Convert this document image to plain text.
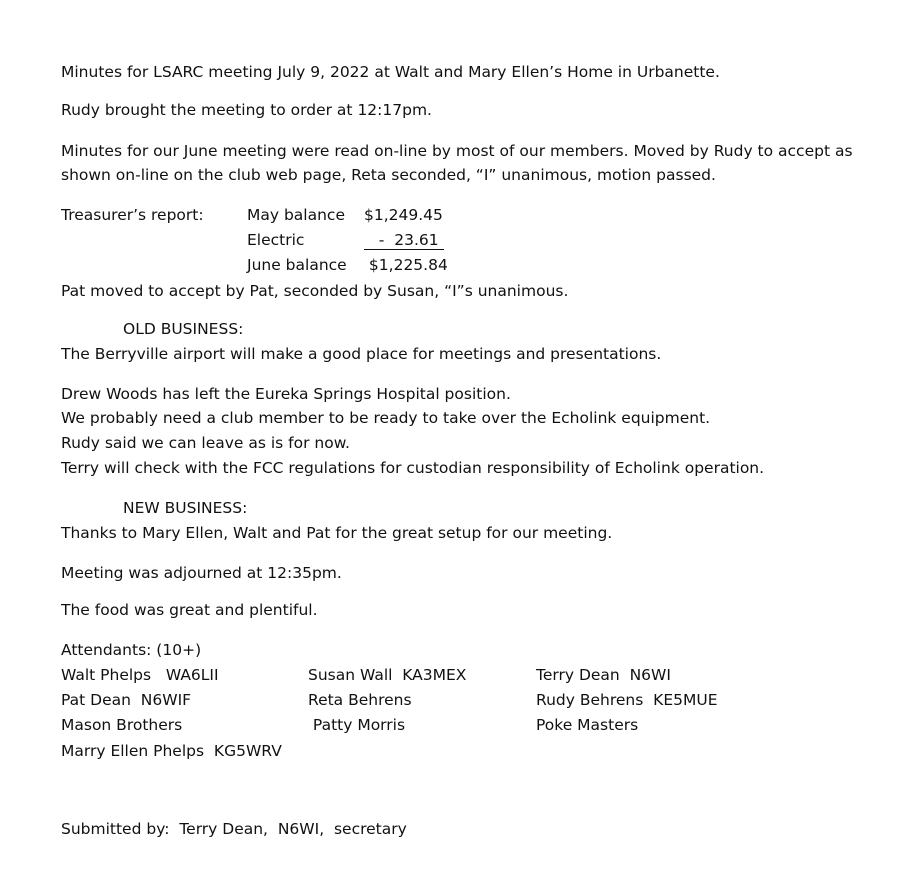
Minutes for LSARC meeting July 9, 2022 at Walt and Mary Ellen’s Home in Urbanette.
Rudy brought the meeting to order at 12:17pm.
Minutes for our June meeting were read on-line by most of our members. Moved by Rudy to accept as
shown on-line on the club web page, Reta seconded, “I” unanimous, motion passed.
Treasurer’s report:	May balance $1,249.45
Electric	-  23.61
June balance $1,225.84
Pat moved to accept by Pat, seconded by Susan, “I”s unanimous.
OLD BUSINESS:
The Berryville airport will make a good place for meetings and presentations.
Drew Woods has left the Eureka Springs Hospital position.
We probably need a club member to be ready to take over the Echolink equipment.
Rudy said we can leave as is for now.
Terry will check with the FCC regulations for custodian responsibility of Echolink operation.
NEW BUSINESS:
Thanks to Mary Ellen, Walt and Pat for the great setup for our meeting.
Meeting was adjourned at 12:35pm.
The food was great and plentiful.
Attendants: (10+)
Walt Phelps   WA6LII	Susan Wall  KA3MEX	Terry Dean  N6WI
Pat Dean  N6WIF	Reta Behrens	Rudy Behrens  KE5MUE
Mason Brothers	Patty Morris	Poke Masters
Marry Ellen Phelps  KG5WRV
Submitted by:  Terry Dean,  N6WI,  secretary
